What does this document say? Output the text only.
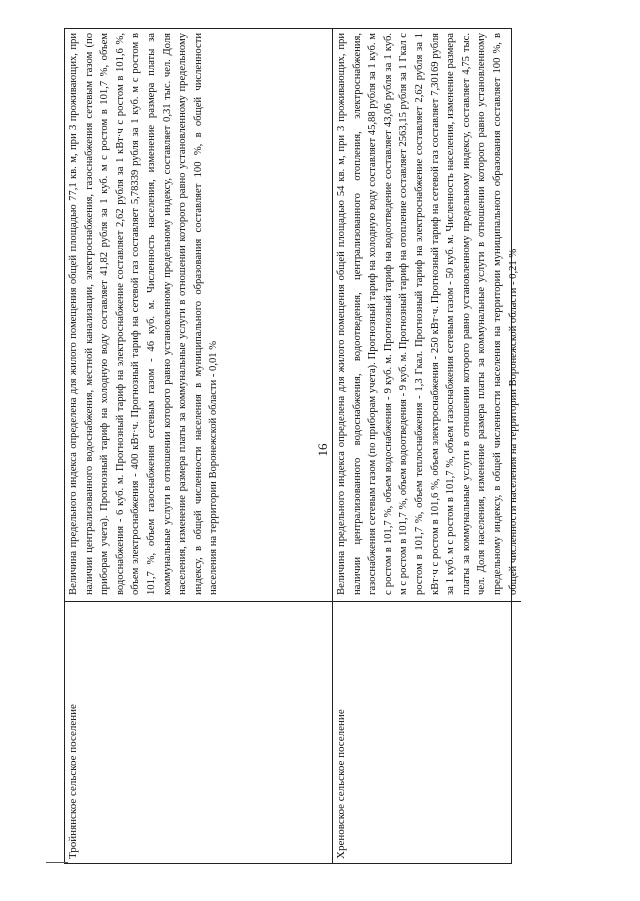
16
Тройнянское сельское поселение
Величина предельного индекса определена для жилого помещения общей площадью 77,1 кв. м, при 3 проживающих, при наличии централизованного водоснабжения, местной канализации, электроснабжения, газоснабжения сетевым газом (по приборам учета). Прогнозный тариф на холодную воду составляет 41,82 рубля за 1 куб. м с ростом в 101,7 %, объем водоснабжения - 6 куб. м. Прогнозный тариф на электроснабжение составляет 2,62 рубля за 1 кВт·ч с ростом в 101,6 %, объем электроснабжения - 400 кВт·ч. Прогнозный тариф на сетевой газ составляет 5,78339 рубля за 1 куб. м с ростом в 101,7 %, объем газоснабжения сетевым газом - 46 куб. м. Численность населения, изменение размера платы за коммунальные услуги в отношении которого равно установленному предельному индексу, составляет 0,31 тыс. чел. Доля населения, изменение размера платы за коммунальные услуги в отношении которого равно установленному предельному индексу, в общей численности населения в муниципального образования составляет 100 %, в общей численности населения на территории Воронежской области - 0,01 %
Хреновское сельское поселение
Величина предельного индекса определена для жилого помещения общей площадью 54 кв. м, при 3 проживающих, при наличии централизованного водоснабжения, водоотведения, централизованного отопления, электроснабжения, газоснабжения сетевым газом (по приборам учета). Прогнозный тариф на холодную воду составляет 45,88 рубля за 1 куб. м с ростом в 101,7 %, объем водоснабжения - 9 куб. м. Прогнозный тариф на водоотведение составляет 43,06 рубля за 1 куб. м с ростом в 101,7 %, объем водоотведения - 9 куб. м. Прогнозный тариф на отопление составляет 2563,15 рубля за 1 Гкал с ростом в 101,7 %, объем теплоснабжения - 1,3 Гкал. Прогнозный тариф на электроснабжение составляет 2,62 рубля за 1 кВт·ч с ростом в 101,6 %, объем электроснабжения - 250 кВт·ч. Прогнозный тариф на сетевой газ составляет 7,30169 рубля за 1 куб. м с ростом в 101,7 %, объем газоснабжения сетевым газом - 50 куб. м. Численность населения, изменение размера платы за коммунальные услуги в отношении которого равно установленному предельному индексу, составляет 4,75 тыс. чел. Доля населения, изменение размера платы за коммунальные услуги в отношении которого равно установленному предельному индексу, в общей численности населения на территории муниципального образования составляет 100 %, в общей численности населения на территории Воронежской области - 0,21 %
